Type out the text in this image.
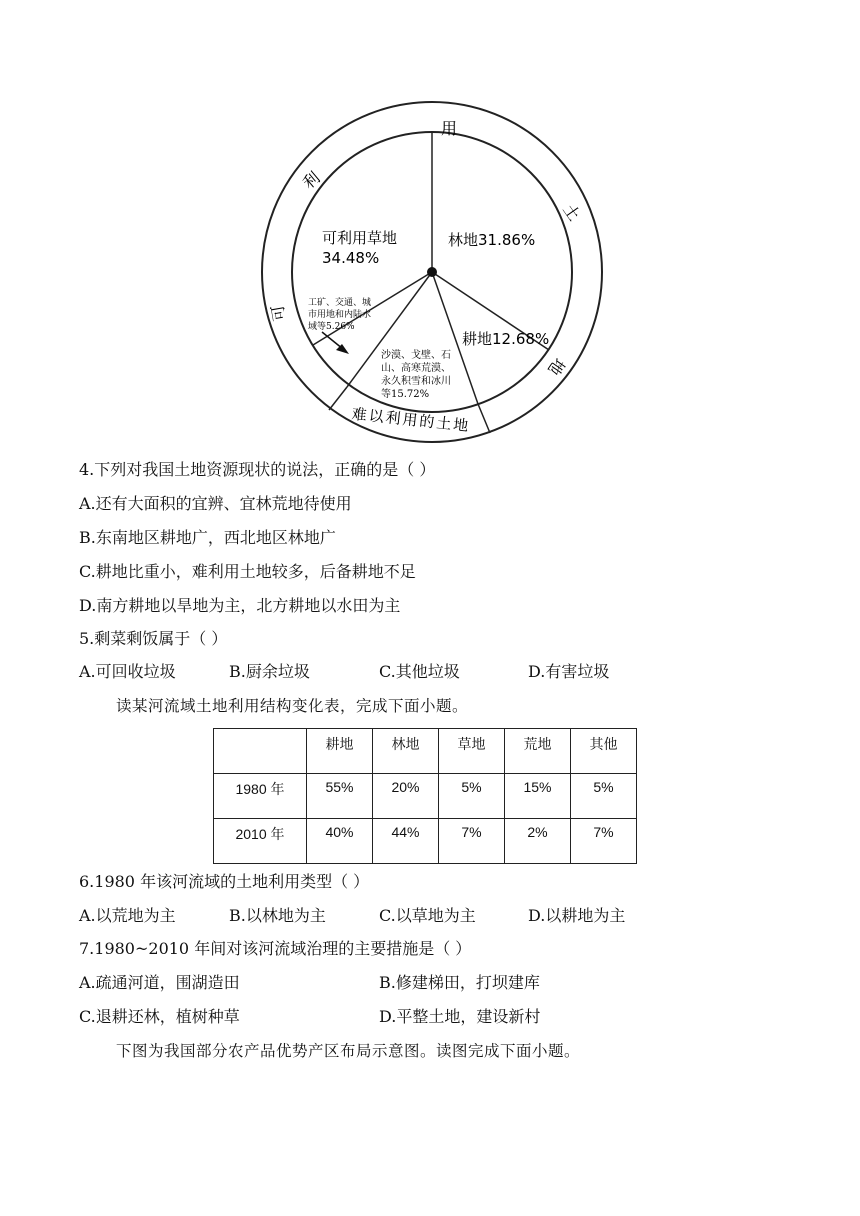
用
土
地
利
可
难以利用的土地
林地31.86%
耕地12.68%
可利用草地
34.48%
沙漠、戈壁、石
山、高寒荒漠、
永久积雪和冰川
等15.72%
工矿、交通、城
市用地和内陆水
域等5.26%
4.下列对我国土地资源现状的说法，正确的是（ ）
A.还有大面积的宜辨、宜林荒地待使用
B.东南地区耕地广，西北地区林地广
C.耕地比重小，难利用土地较多，后备耕地不足
D.南方耕地以旱地为主，北方耕地以水田为主
5.剩菜剩饭属于（ ）
A.可回收垃圾	B.厨余垃圾	C.其他垃圾	D.有害垃圾
读某河流域土地利用结构变化表，完成下面小题。
	耕地	林地	草地	荒地	其他
1980 年	55%	20%	5%	15%	5%
2010 年	40%	44%	7%	2%	7%
6.1980 年该河流域的土地利用类型（ ）
A.以荒地为主	B.以林地为主	C.以草地为主	D.以耕地为主
7.1980~2010 年间对该河流域治理的主要措施是（ ）
A.疏通河道，围湖造田	B.修建梯田，打坝建库
C.退耕还林，植树种草	D.平整土地，建设新村
下图为我国部分农产品优势产区布局示意图。读图完成下面小题。
